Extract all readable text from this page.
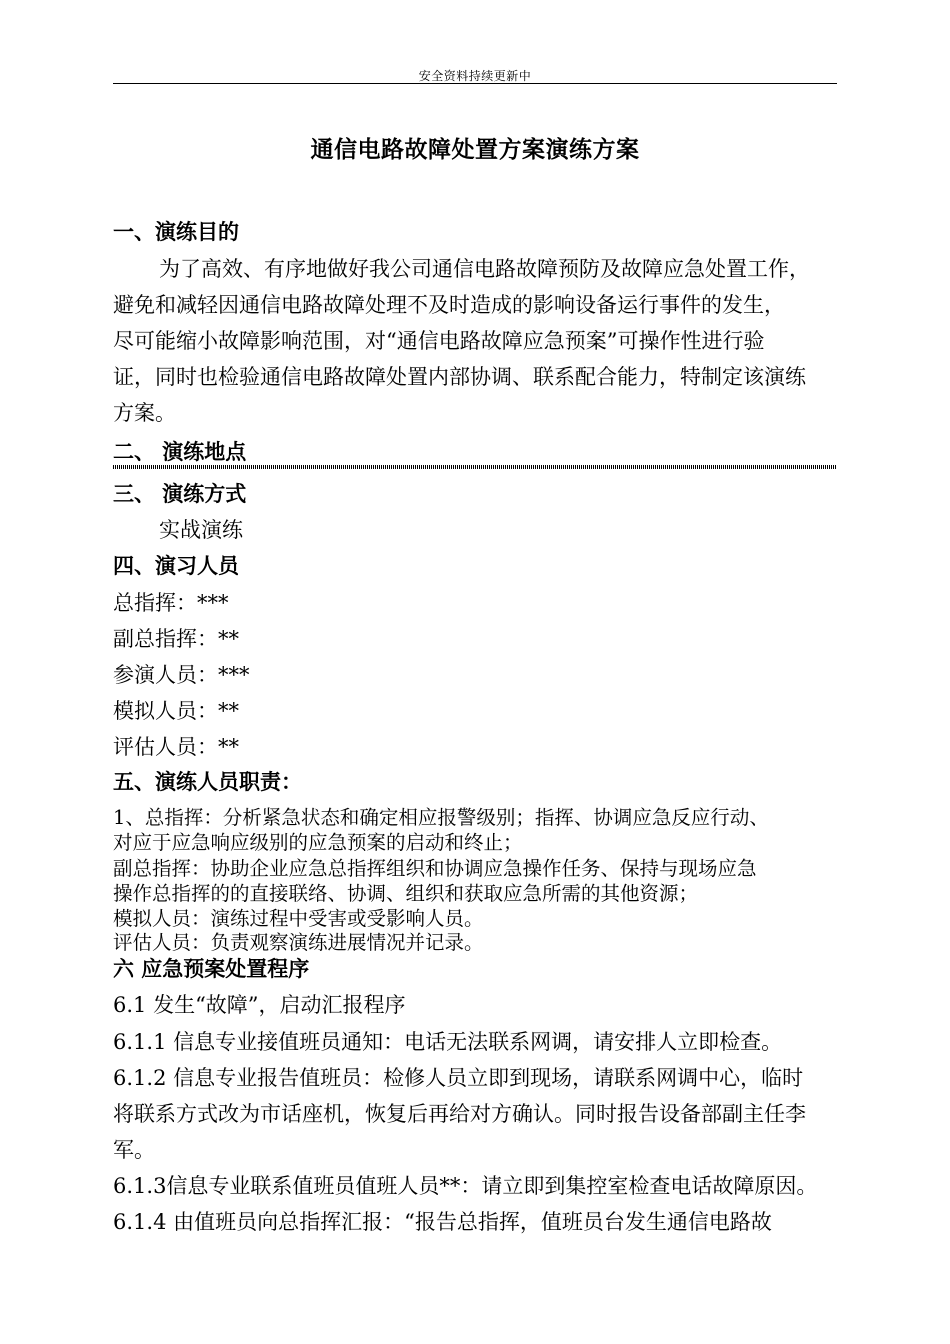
安全资料持续更新中
通信电路故障处置方案演练方案
一、演练目的
为了高效、有序地做好我公司通信电路故障预防及故障应急处置工作，
避免和减轻因通信电路故障处理不及时造成的影响设备运行事件的发生，
尽可能缩小故障影响范围，对“通信电路故障应急预案”可操作性进行验
证，同时也检验通信电路故障处置内部协调、联系配合能力，特制定该演练
方案。
二、 演练地点
三、 演练方式
实战演练
四、演习人员
总指挥：***
副总指挥：**
参演人员：***
模拟人员：**
评估人员：**
五、演练人员职责：
1、总指挥：分析紧急状态和确定相应报警级别；指挥、协调应急反应行动、
对应于应急响应级别的应急预案的启动和终止；
副总指挥：协助企业应急总指挥组织和协调应急操作任务、保持与现场应急
操作总指挥的的直接联络、协调、组织和获取应急所需的其他资源；
模拟人员：演练过程中受害或受影响人员。
评估人员：负责观察演练进展情况并记录。
六 应急预案处置程序
6.1 发生“故障”，启动汇报程序
6.1.1 信息专业接值班员通知：电话无法联系网调，请安排人立即检查。
6.1.2 信息专业报告值班员：检修人员立即到现场，请联系网调中心，临时
将联系方式改为市话座机，恢复后再给对方确认。同时报告设备部副主任李
军。
6.1.3信息专业联系值班员值班人员**：请立即到集控室检查电话故障原因。
6.1.4 由值班员向总指挥汇报：“报告总指挥，值班员台发生通信电路故
